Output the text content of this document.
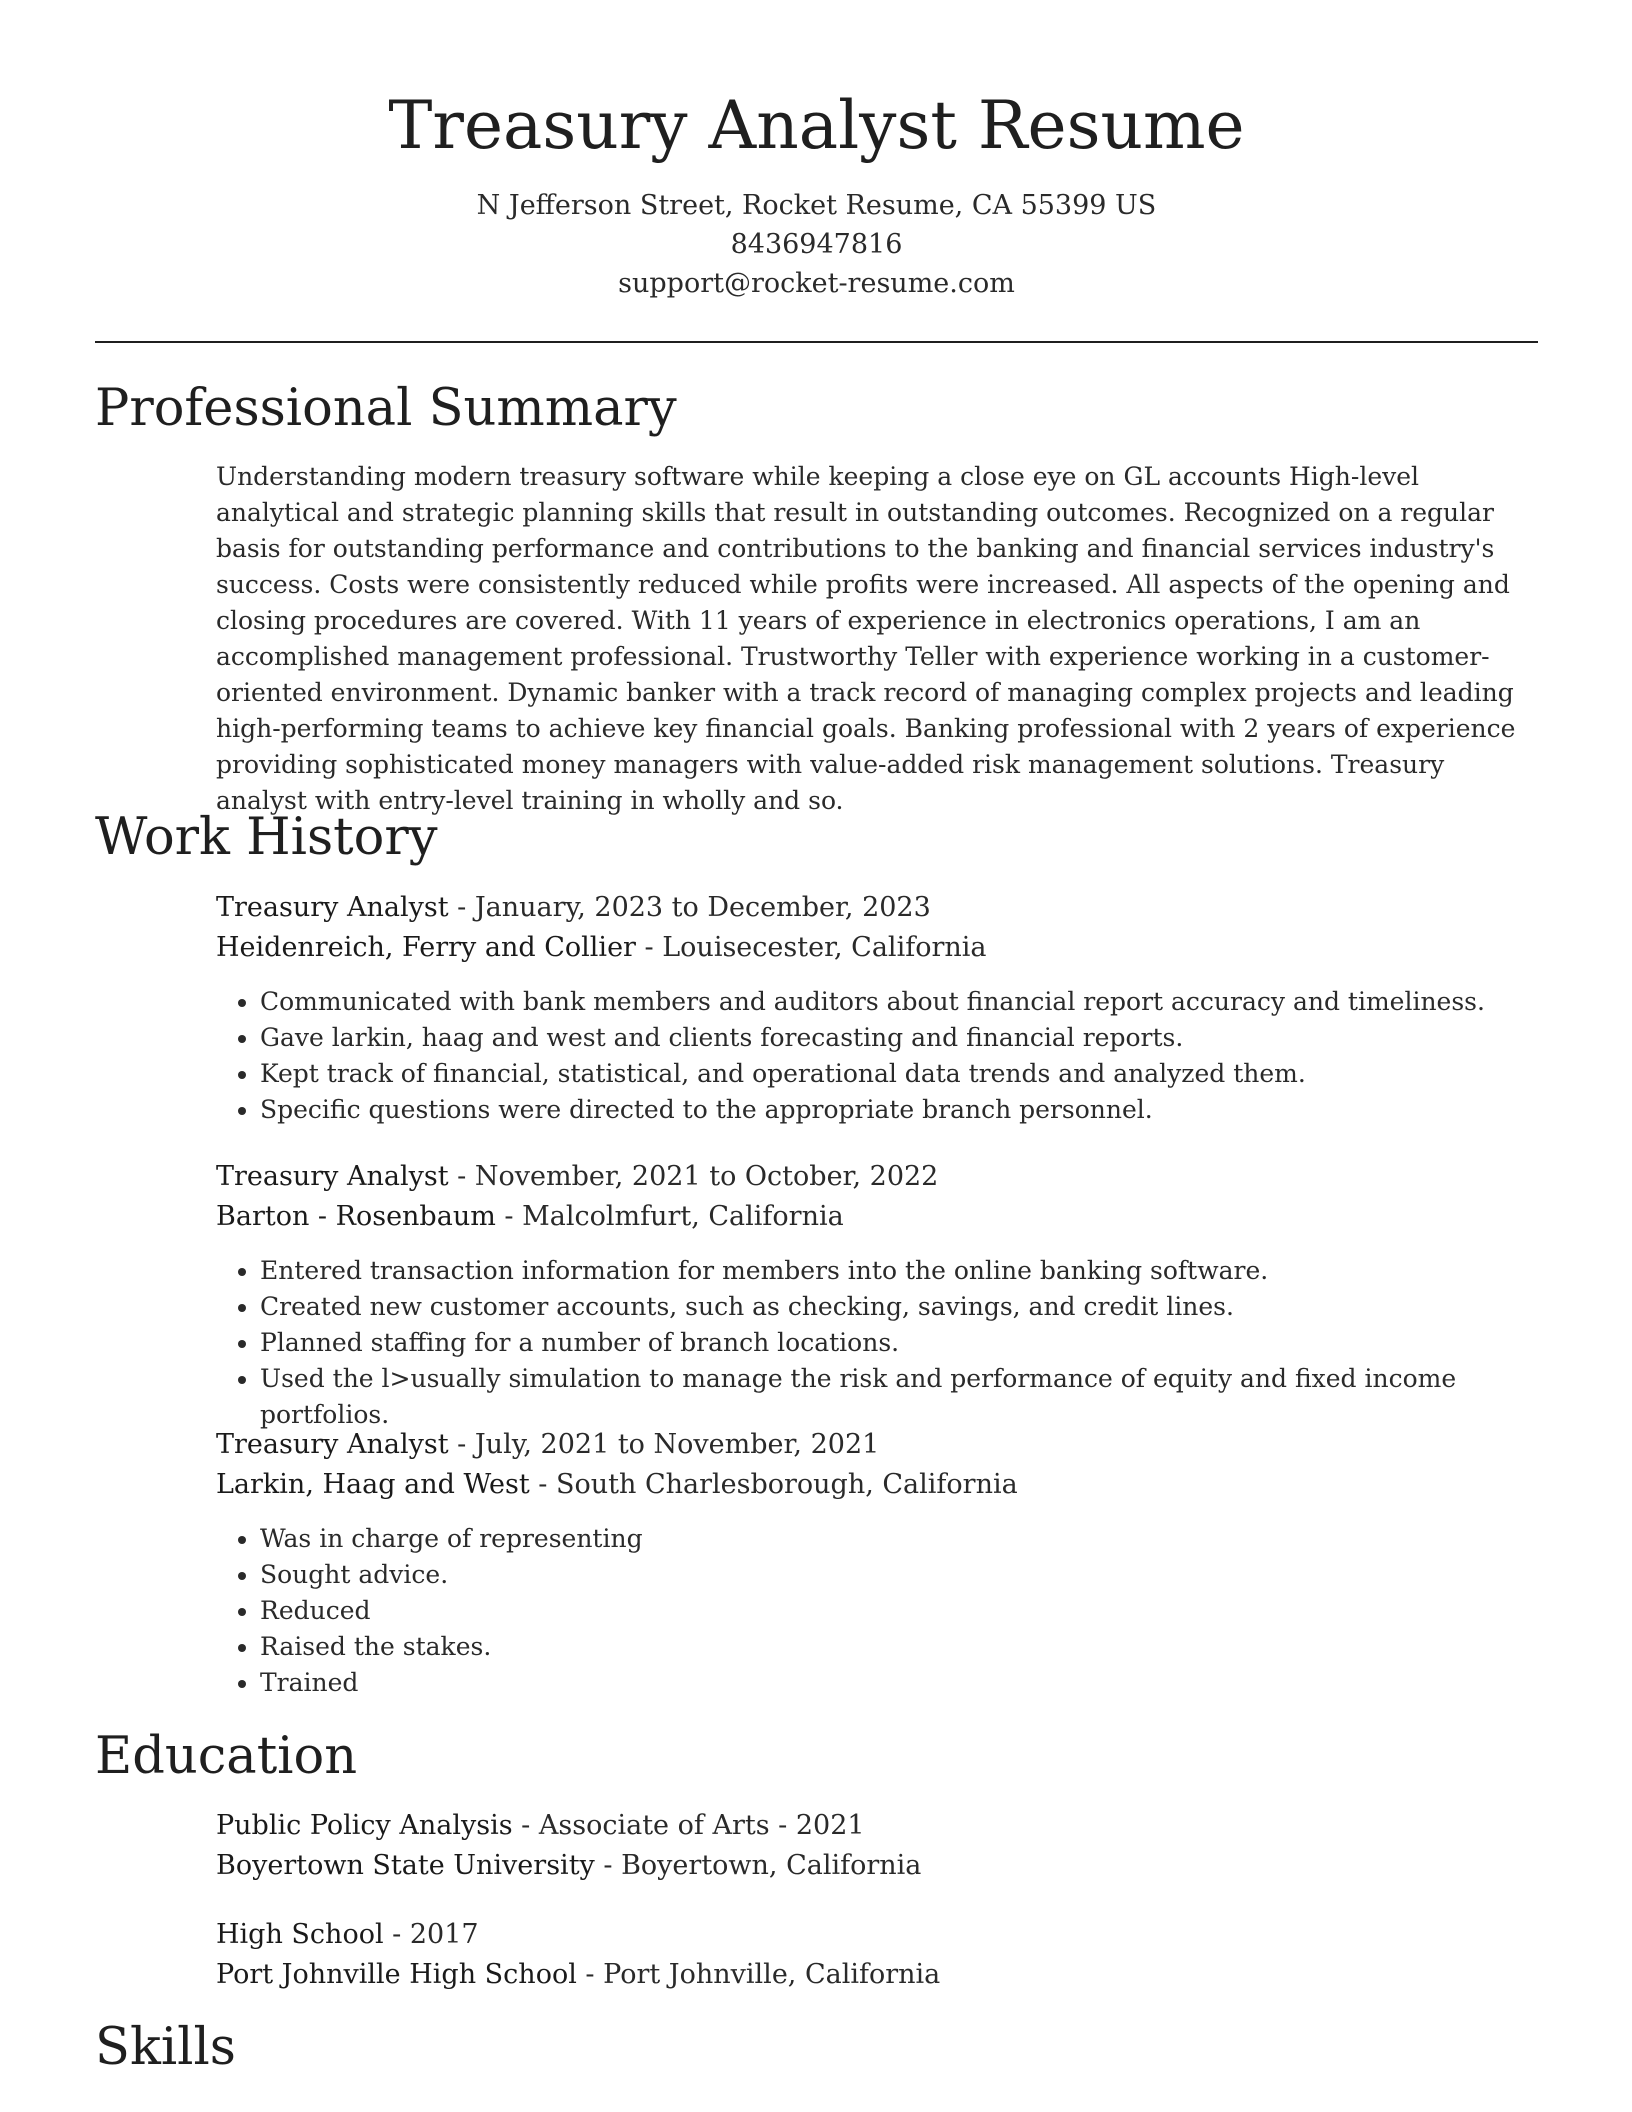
Treasury Analyst Resume
N Jefferson Street, Rocket Resume, CA 55399 US
8436947816
support@rocket-resume.com
Professional Summary
Understanding modern treasury software while keeping a close eye on GL accounts High-level analytical and strategic planning skills that result in outstanding outcomes. Recognized on a regular basis for outstanding performance and contributions to the banking and financial services industry's success. Costs were consistently reduced while profits were increased. All aspects of the opening and closing procedures are covered. With 11 years of experience in electronics operations, I am an accomplished management professional. Trustworthy Teller with experience working in a customer-oriented environment. Dynamic banker with a track record of managing complex projects and leading high-performing teams to achieve key financial goals. Banking professional with 2 years of experience providing sophisticated money managers with value-added risk management solutions. Treasury analyst with entry-level training in wholly and so.
Work History
Treasury Analyst - January, 2023 to December, 2023
Heidenreich, Ferry and Collier - Louisecester, California
• Communicated with bank members and auditors about financial report accuracy and timeliness.
• Gave larkin, haag and west and clients forecasting and financial reports.
• Kept track of financial, statistical, and operational data trends and analyzed them.
• Specific questions were directed to the appropriate branch personnel.
Treasury Analyst - November, 2021 to October, 2022
Barton - Rosenbaum - Malcolmfurt, California
• Entered transaction information for members into the online banking software.
• Created new customer accounts, such as checking, savings, and credit lines.
• Planned staffing for a number of branch locations.
• Used the l>usually simulation to manage the risk and performance of equity and fixed income portfolios.
Treasury Analyst - July, 2021 to November, 2021
Larkin, Haag and West - South Charlesborough, California
• Was in charge of representing
• Sought advice.
• Reduced
• Raised the stakes.
• Trained
Education
Public Policy Analysis - Associate of Arts - 2021
Boyertown State University - Boyertown, California
High School - 2017
Port Johnville High School - Port Johnville, California
Skills
